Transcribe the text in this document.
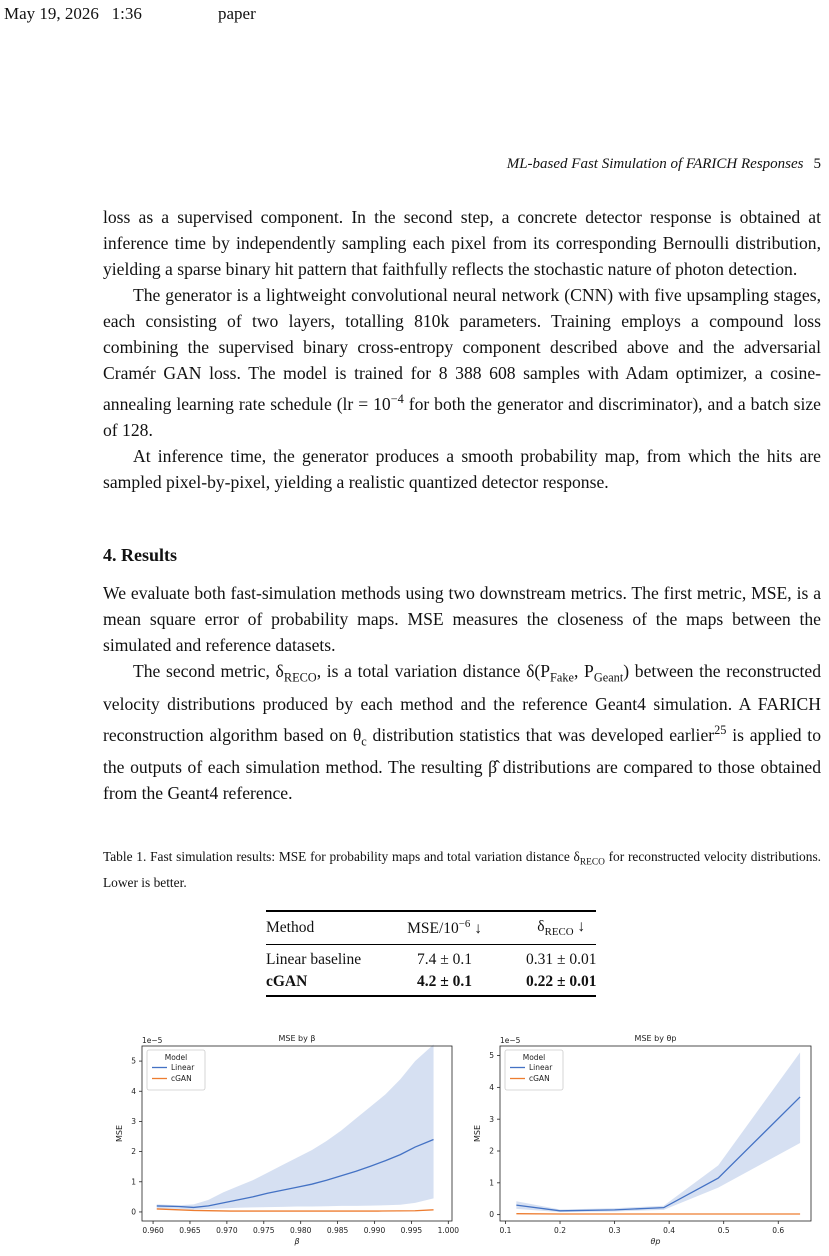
May 19, 2026 1:36	paper
ML-based Fast Simulation of FARICH Responses 5

loss as a supervised component. In the second step, a concrete detector response is obtained at inference time by independently sampling each pixel from its corresponding Bernoulli distribution, yielding a sparse binary hit pattern that faithfully reflects the stochastic nature of photon detection.

The generator is a lightweight convolutional neural network (CNN) with five upsampling stages, each consisting of two layers, totalling 810k parameters. Training employs a compound loss combining the supervised binary cross-entropy component described above and the adversarial Cramér GAN loss. The model is trained for 8 388 608 samples with Adam optimizer, a cosine-annealing learning rate schedule ($lr = 10^{-4}$ for both the generator and discriminator), and a batch size of 128.

At inference time, the generator produces a smooth probability map, from which the hits are sampled pixel-by-pixel, yielding a realistic quantized detector response.

4. Results

We evaluate both fast-simulation methods using two downstream metrics. The first metric, MSE, is a mean square error of probability maps. MSE measures the closeness of the maps between the simulated and reference datasets.

The second metric, $\delta_{RECO}$, is a total variation distance $\delta(P_{Fake}$, $P_{Geant}$) between the reconstructed velocity distributions produced by each method and the reference Geant4 simulation. A FARICH reconstruction algorithm based on $\theta_c$ distribution statistics that was developed earlier$^{25}$ is applied to the outputs of each simulation method. The resulting β̂ distributions are compared to those obtained from the Geant4 reference.

Table 1. Fast simulation results: MSE for probability maps and total variation distance $\delta_{RECO}$ for reconstructed velocity distributions. Lower is better.
Method	MSE/$10^{-6}$ ↓	$\delta_{RECO}$ ↓
Linear baseline	7.4 ± 0.1	0.31 ± 0.01
cGAN	4.2 ± 0.1	0.22 ± 0.01
0.960 0.965 0.970 0.975 0.980 0.985 0.990 0.995 1.000
0
1
2
3
4
5
MSE by β
β
MSE
1e−5
Model
Linear
cGAN
0.1	0.2	0.3	0.4	0.5	0.6
0
1
2
3
4
5
MSE by θp
θp
MSE
1e−5
Model
Linear
cGAN
